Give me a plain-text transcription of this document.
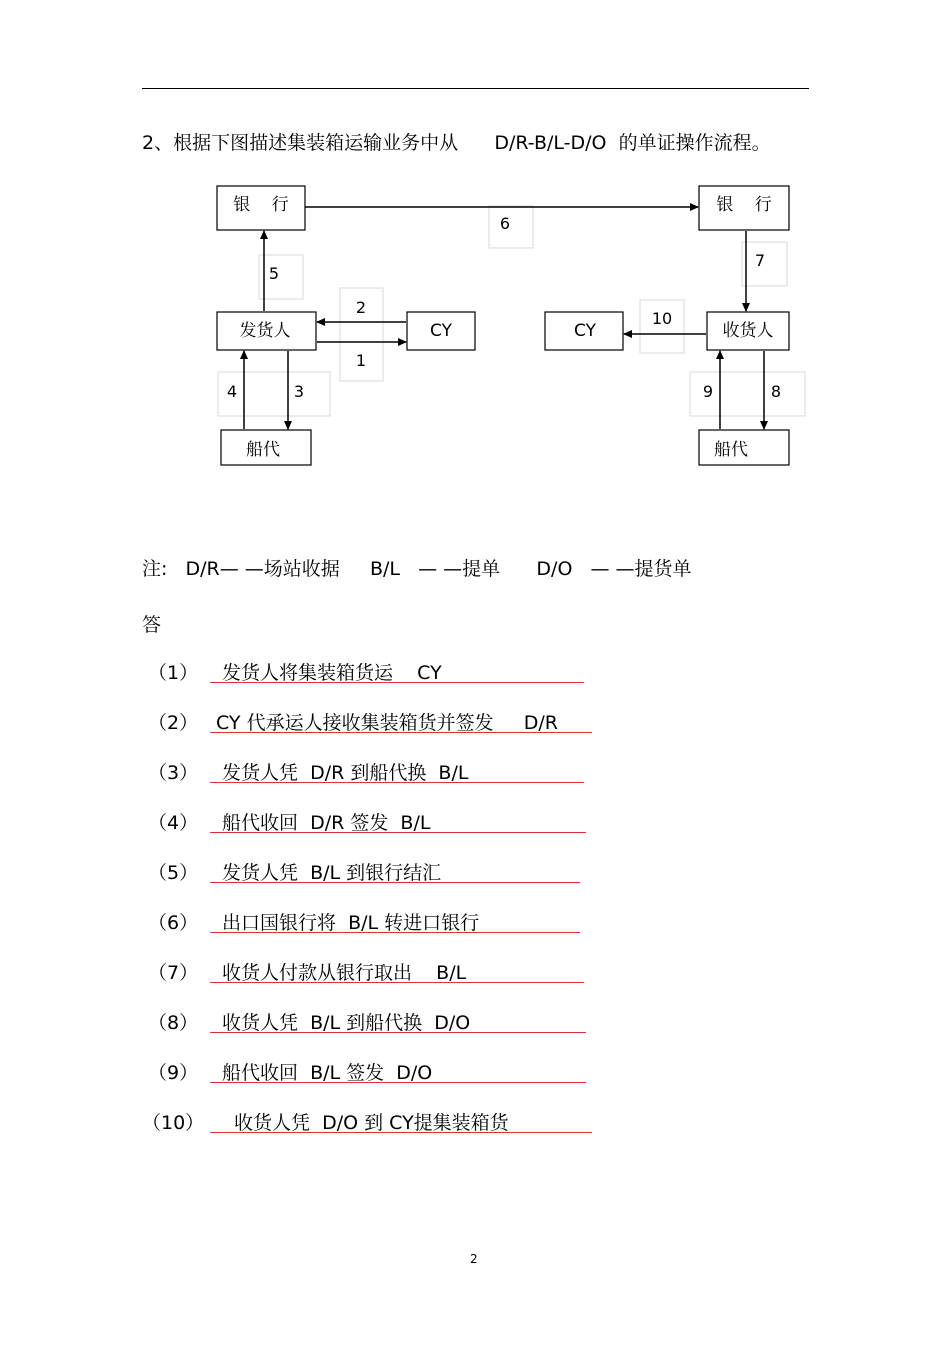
2、根据下图描述集装箱运输业务中从      D/R-B/L-D/O  的单证操作流程。
银    行	银    行
发货人	CY	CY	收货人
船代	船代
1
2
3
4
5
6
7
8
9
10
注:   D/R— —场站收据     B/L   — —提单      D/O   — —提货单
答
（1） 发货人将集装箱货运    CY
（2） CY 代承运人接收集装箱货并签发     D/R
（3） 发货人凭  D/R 到船代换  B/L
（4） 船代收回  D/R 签发  B/L
（5） 发货人凭  B/L 到银行结汇
（6） 出口国银行将  B/L 转进口银行
（7） 收货人付款从银行取出    B/L
（8） 收货人凭  B/L 到船代换  D/O
（9） 船代收回  B/L 签发  D/O
（10） 收货人凭  D/O 到 CY提集装箱货
2
